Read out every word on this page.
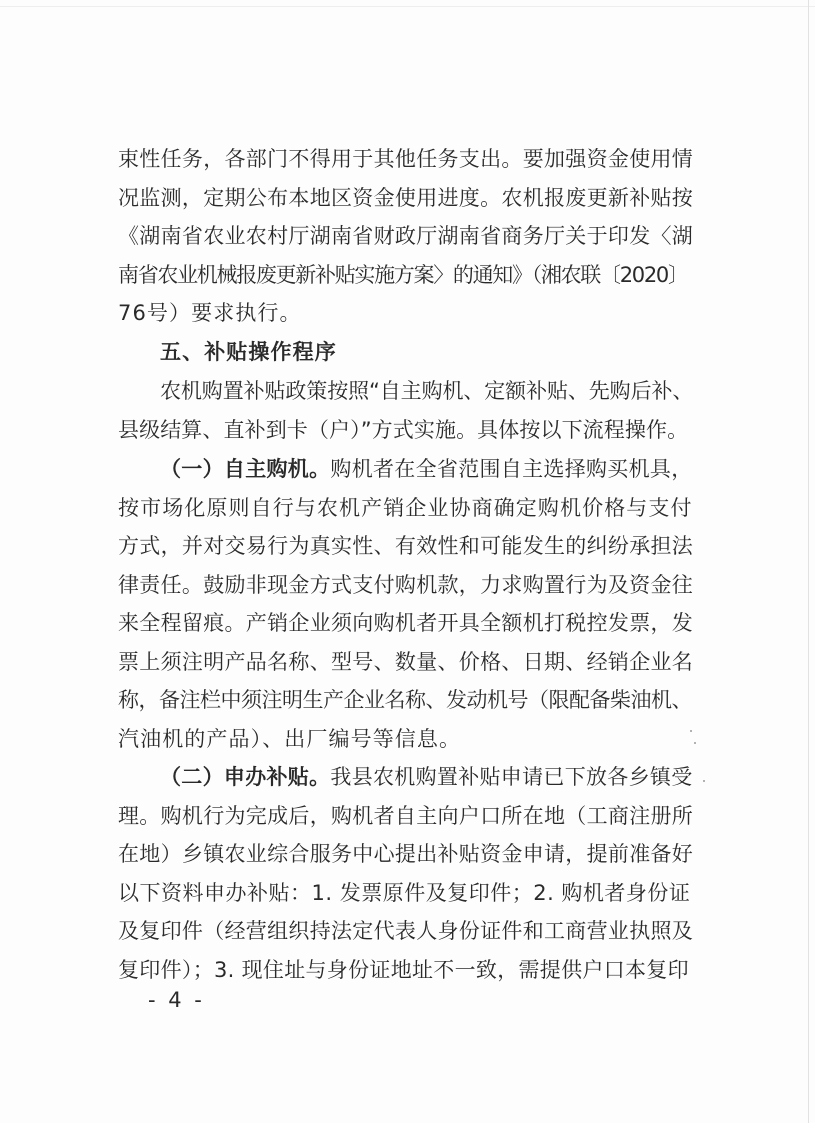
束性任务，各部门不得用于其他任务支出。要加强资金使用情
况监测，定期公布本地区资金使用进度。农机报废更新补贴按
《湖南省农业农村厅湖南省财政厅湖南省商务厅关于印发〈湖
南省农业机械报废更新补贴实施方案〉的通知》（湘农联〔2020〕
76号）要求执行。
五、补贴操作程序
农机购置补贴政策按照“自主购机、定额补贴、先购后补、
县级结算、直补到卡（户）”方式实施。具体按以下流程操作。
（一）自主购机。购机者在全省范围自主选择购买机具，
按市场化原则自行与农机产销企业协商确定购机价格与支付
方式，并对交易行为真实性、有效性和可能发生的纠纷承担法
律责任。鼓励非现金方式支付购机款，力求购置行为及资金往
来全程留痕。产销企业须向购机者开具全额机打税控发票，发
票上须注明产品名称、型号、数量、价格、日期、经销企业名
称，备注栏中须注明生产企业名称、发动机号（限配备柴油机、
汽油机的产品）、出厂编号等信息。
（二）申办补贴。我县农机购置补贴申请已下放各乡镇受
理。购机行为完成后，购机者自主向户口所在地（工商注册所
在地）乡镇农业综合服务中心提出补贴资金申请，提前准备好
以下资料申办补贴：1. 发票原件及复印件；2. 购机者身份证
及复印件（经营组织持法定代表人身份证件和工商营业执照及
复印件）；3. 现住址与身份证地址不一致，需提供户口本复印
- 4 -
